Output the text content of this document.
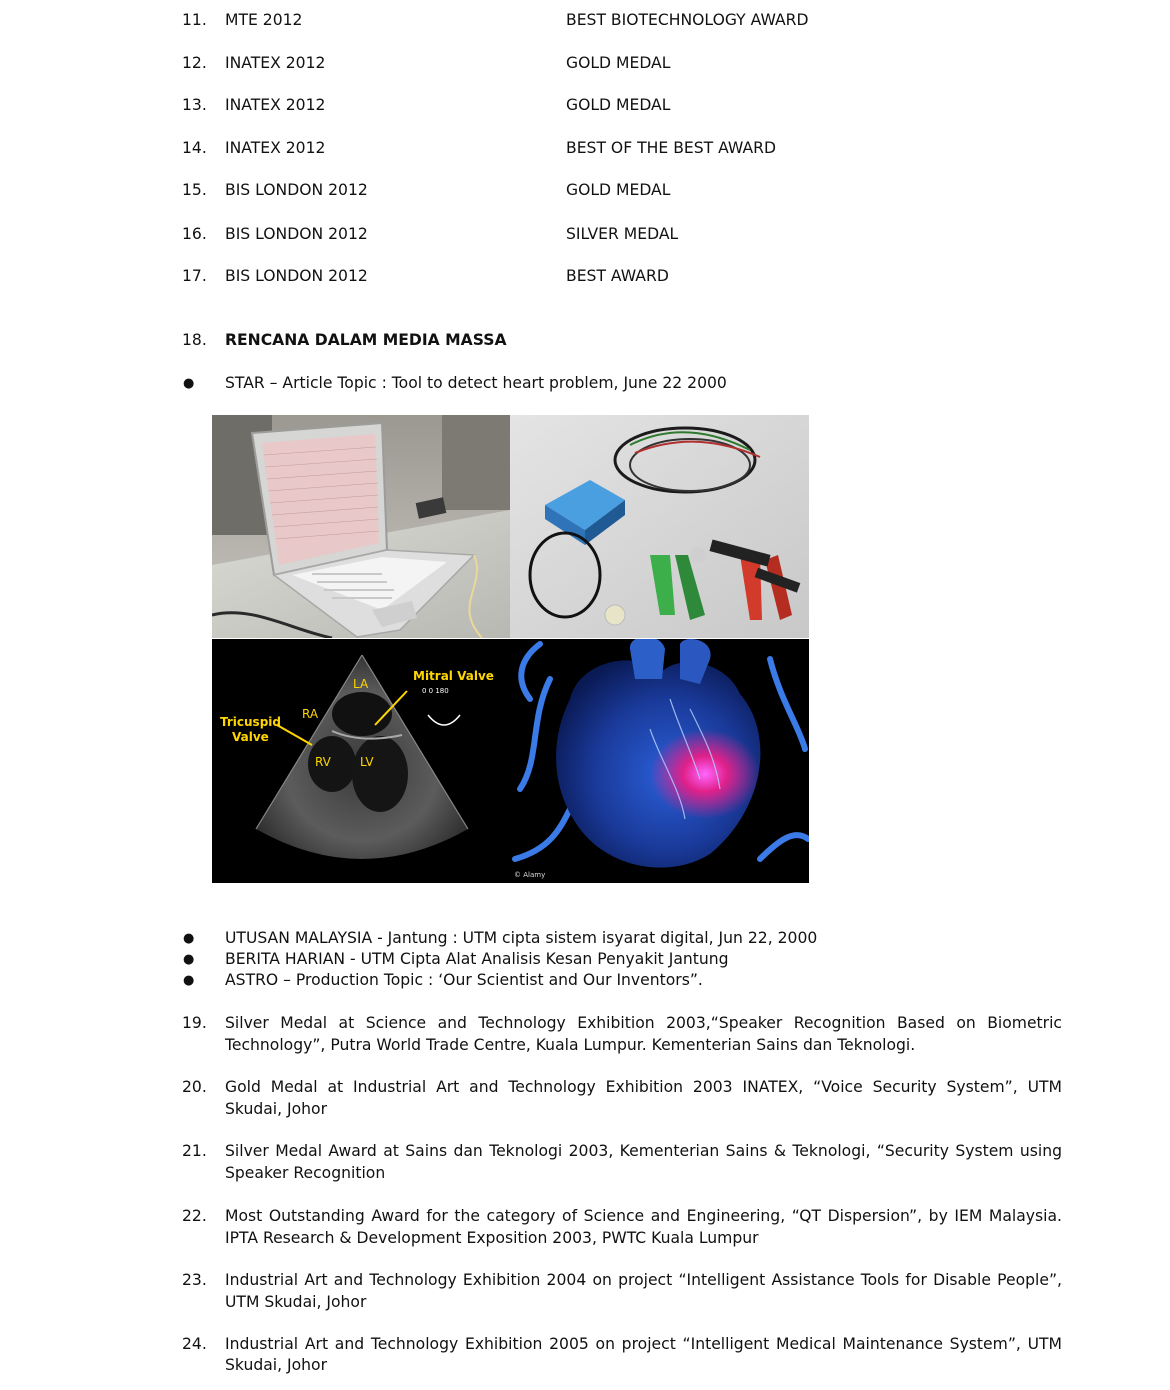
11. MTE 2012	BEST BIOTECHNOLOGY AWARD
12. INATEX 2012	GOLD MEDAL
13. INATEX 2012	GOLD MEDAL
14. INATEX 2012	BEST OF THE BEST AWARD
15. BIS LONDON 2012	GOLD MEDAL
16. BIS LONDON 2012	SILVER MEDAL
17. BIS LONDON 2012	BEST AWARD
18. RENCANA DALAM MEDIA MASSA
● STAR – Article Topic : Tool to detect heart problem, June 22 2000
LA
RA
RV LV
Mitral Valve
Tricuspid
Valve
0 0 180
© Alamy
● UTUSAN MALAYSIA - Jantung : UTM cipta sistem isyarat digital, Jun 22, 2000
● BERITA HARIAN - UTM Cipta Alat Analisis Kesan Penyakit Jantung
● ASTRO – Production Topic : ‘Our Scientist and Our Inventors”.
19. Silver Medal at Science and Technology Exhibition 2003,“Speaker Recognition Based on Biometric
Technology”, Putra World Trade Centre, Kuala Lumpur. Kementerian Sains dan Teknologi.
20. Gold Medal at Industrial Art and Technology Exhibition 2003 INATEX, “Voice Security System”, UTM
Skudai, Johor
21. Silver Medal Award at Sains dan Teknologi 2003, Kementerian Sains & Teknologi, “Security System using
Speaker Recognition
22. Most Outstanding Award for the category of Science and Engineering, “QT Dispersion”, by IEM Malaysia.
IPTA Research & Development Exposition 2003, PWTC Kuala Lumpur
23. Industrial Art and Technology Exhibition 2004 on project “Intelligent Assistance Tools for Disable People”,
UTM Skudai, Johor
24. Industrial Art and Technology Exhibition 2005 on project “Intelligent Medical Maintenance System”, UTM
Skudai, Johor
